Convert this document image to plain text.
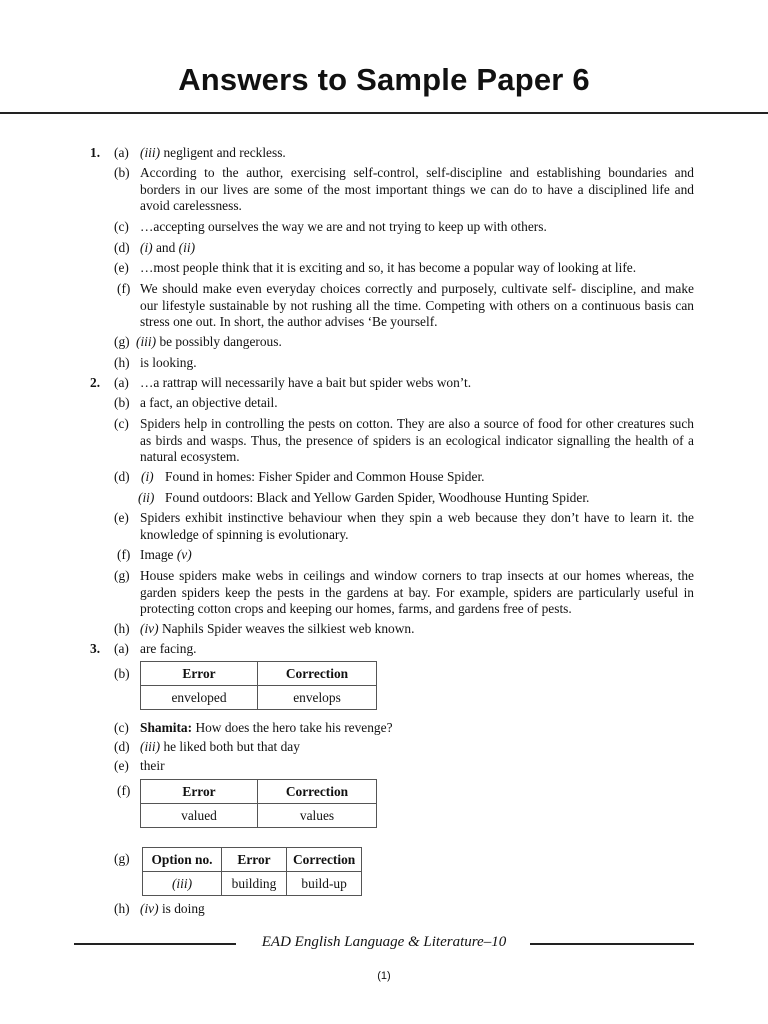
Answers to Sample Paper 6
1. (a) (iii) negligent and reckless.
(b) According to the author, exercising self-control, self-discipline and establishing boundaries and borders in our lives are some of the most important things we can do to have a disciplined life and avoid carelessness.
(c) …accepting ourselves the way we are and not trying to keep up with others.
(d) (i) and (ii)
(e) …most people think that it is exciting and so, it has become a popular way of looking at life.
(f) We should make even everyday choices correctly and purposely, cultivate self- discipline, and make our lifestyle sustainable by not rushing all the time. Competing with others on a continuous basis can stress one out. In short, the author advises ‘Be yourself.
(g) (iii) be possibly dangerous.
(h) is looking.
2. (a) …a rattrap will necessarily have a bait but spider webs won’t.
(b) a fact, an objective detail.
(c) Spiders help in controlling the pests on cotton. They are also a source of food for other creatures such as birds and wasps. Thus, the presence of spiders is an ecological indicator signalling the health of a natural ecosystem.
(d) (i) Found in homes: Fisher Spider and Common House Spider.
(ii) Found outdoors: Black and Yellow Garden Spider, Woodhouse Hunting Spider.
(e) Spiders exhibit instinctive behaviour when they spin a web because they don’t have to learn it. the knowledge of spinning is evolutionary.
(f) Image (v)
(g) House spiders make webs in ceilings and window corners to trap insects at our homes whereas, the garden spiders keep the pests in the gardens at bay. For example, spiders are particularly useful in protecting cotton crops and keeping our homes, farms, and gardens free of pests.
(h) (iv) Naphils Spider weaves the silkiest web known.
3. (a) are facing.
(b)	Error	Correction
enveloped	envelops
(c) Shamita: How does the hero take his revenge?
(d) (iii) he liked both but that day
(e) their
(f)	Error	Correction
valued	values
(g) Option no.	Error	Correction
(iii)	building	build-up
(h) (iv) is doing
EAD English Language & Literature–10
(1)
